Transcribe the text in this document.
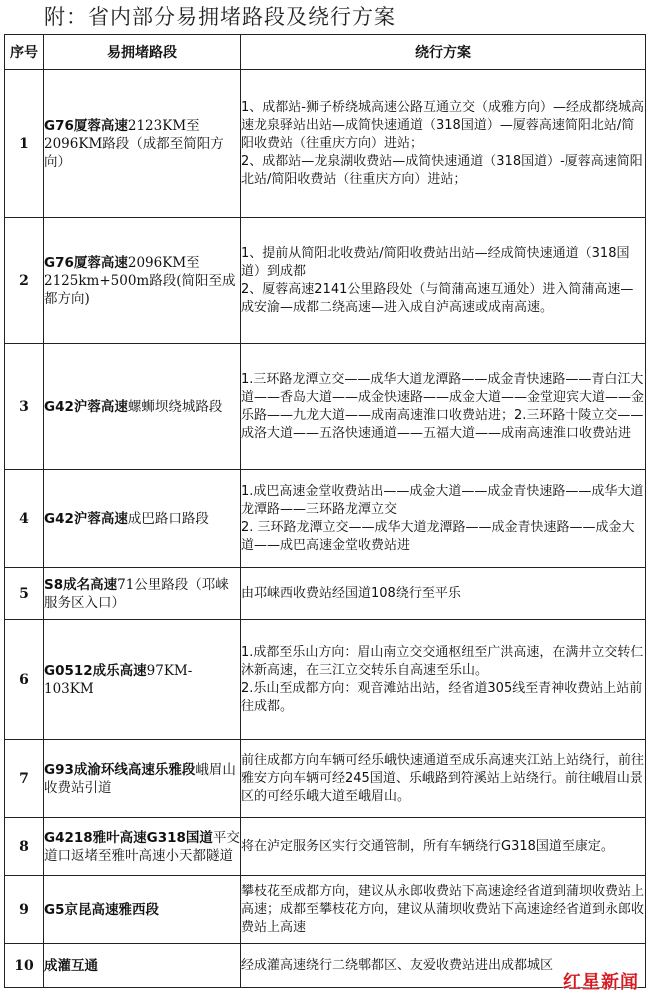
附：省内部分易拥堵路段及绕行方案
序号	易拥堵路段	绕行方案
1	G76厦蓉高速2123KM至2096KM路段（成都至简阳方向）	1、成都站-狮子桥绕城高速公路互通立交（成雅方向）—经成都绕城高速龙泉驿站出站—成简快速通道（318国道）—厦蓉高速简阳北站/简阳收费站（往重庆方向）进站；
2、成都站—龙泉湖收费站—成简快速通道（318国道）-厦蓉高速简阳北站/简阳收费站（往重庆方向）进站；
2	G76厦蓉高速2096KM至2125km+500m路段(简阳至成都方向)	1、提前从简阳北收费站/简阳收费站出站—经成简快速通道（318国道）到成都
2、厦蓉高速2141公里路段处（与简蒲高速互通处）进入简蒲高速—成安渝—成都二绕高速—进入成自泸高速或成南高速。
3	G42沪蓉高速螺蛳坝绕城路段	1.三环路龙潭立交——成华大道龙潭路——成金青快速路——青白江大道——香岛大道——成金快速路——成金大道——金堂迎宾大道——金乐路——九龙大道——成南高速淮口收费站进；2.三环路十陵立交——成洛大道——五洛快速通道——五福大道——成南高速淮口收费站进
4	G42沪蓉高速成巴路口路段	1.成巴高速金堂收费站出——成金大道——成金青快速路——成华大道龙潭路——三环路龙潭立交
2. 三环路龙潭立交——成华大道龙潭路——成金青快速路——成金大道——成巴高速金堂收费站进
5	S8成名高速71公里路段（邛崃服务区入口）	由邛崃西收费站经国道108绕行至平乐
6	G0512成乐高速97KM-103KM	1.成都至乐山方向：眉山南立交交通枢纽至广洪高速，在满井立交转仁沐新高速，在三江立交转乐自高速至乐山。
2.乐山至成都方向：观音滩站出站，经省道305线至青神收费站上站前往成都。
7	G93成渝环线高速乐雅段峨眉山收费站引道	前往成都方向车辆可经乐峨快速通道至成乐高速夹江站上站绕行，前往雅安方向车辆可经245国道、乐峨路到符溪站上站绕行。前往峨眉山景区的可经乐峨大道至峨眉山。
8	G4218雅叶高速G318国道平交道口返堵至雅叶高速小天都隧道	将在泸定服务区实行交通管制，所有车辆绕行G318国道至康定。
9	G5京昆高速雅西段	攀枝花至成都方向，建议从永郎收费站下高速途经省道到蒲坝收费站上高速；成都至攀枝花方向，建议从蒲坝收费站下高速途经省道到永郎收费站上高速
10	成灌互通	经成灌高速绕行二绕郫都区、友爱收费站进出成都城区
红星新闻
